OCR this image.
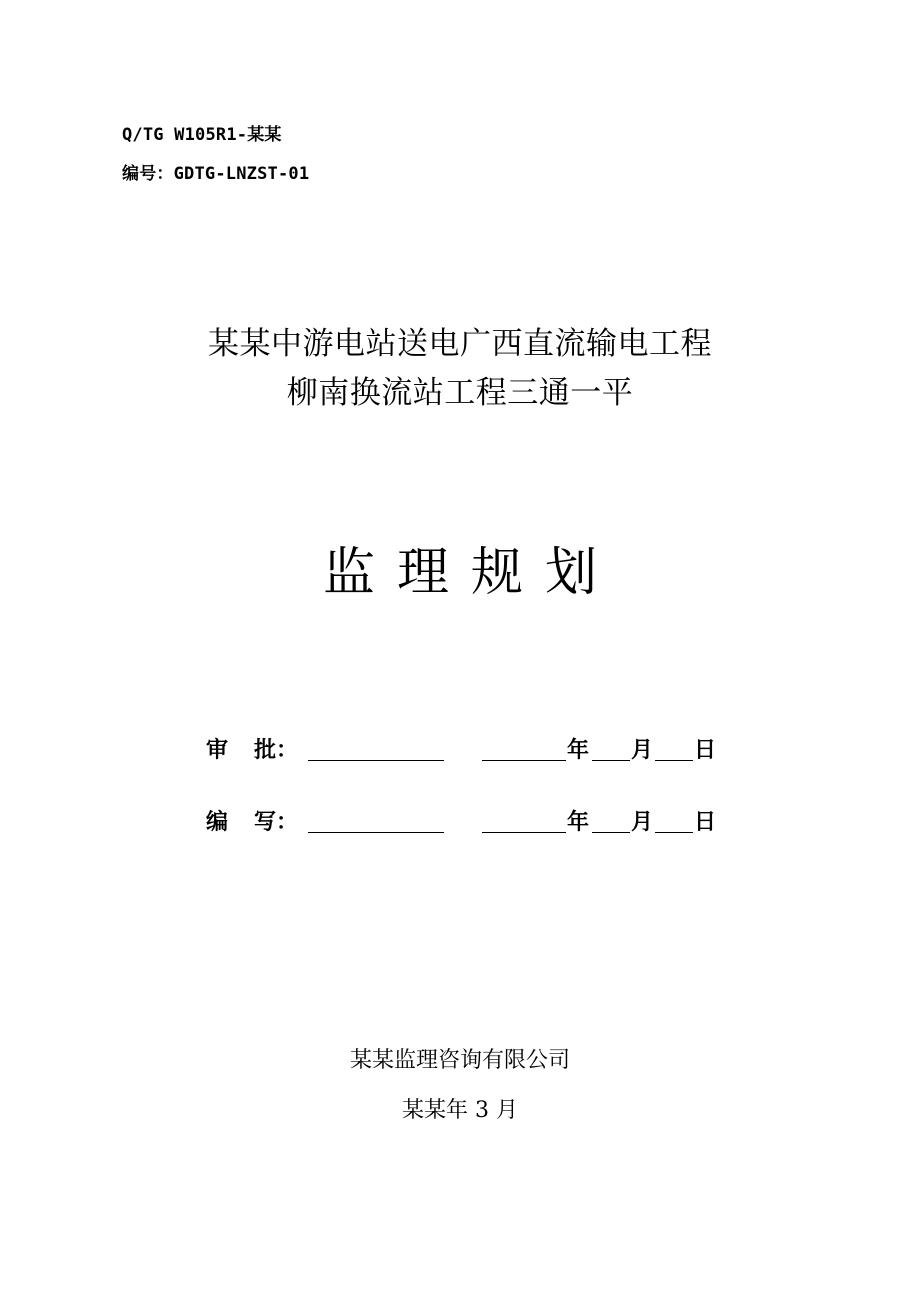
Q/TG W105R1-某某
编号：GDTG-LNZST-01
某某中游电站送电广西直流输电工程
柳南换流站工程三通一平
监理规划
审 批：	年 月 日
编 写：	年 月 日
某某监理咨询有限公司
某某年 3 月
